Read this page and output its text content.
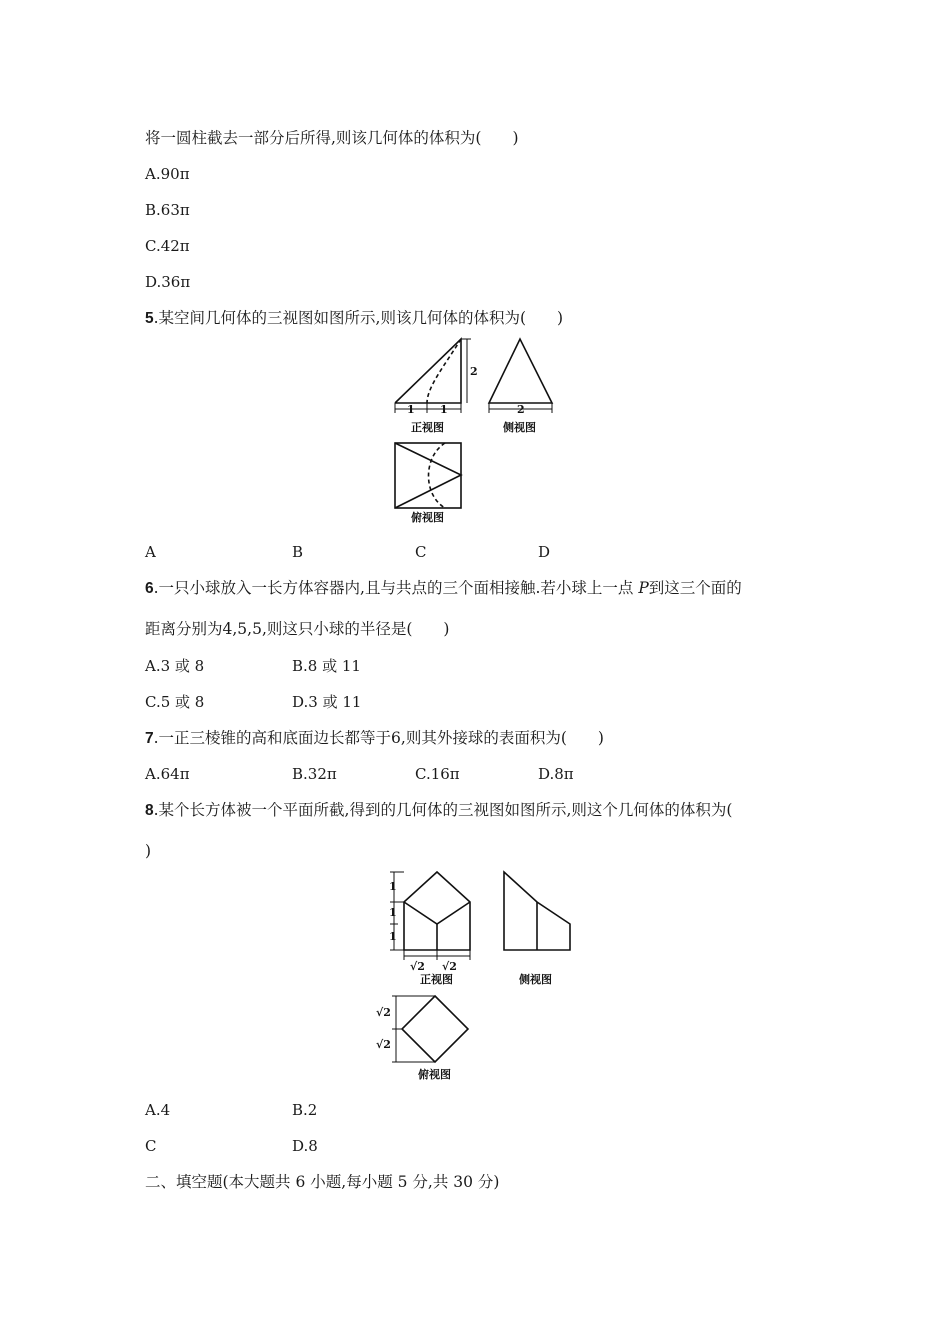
将一圆柱截去一部分后所得,则该几何体的体积为(　　)
A.90π
B.63π
C.42π
D.36π
5.某空间几何体的三视图如图所示,则该几何体的体积为(　　)
1 1
2
2
正视图	侧视图
俯视图
A	B	C	D
6.一只小球放入一长方体容器内,且与共点的三个面相接触.若小球上一点 P到这三个面的
距离分别为4,5,5,则这只小球的半径是(　　)
A.3 或 8	B.8 或 11
C.5 或 8	D.3 或 11
7.一正三棱锥的高和底面边长都等于6,则其外接球的表面积为(　　)
A.64π	B.32π	C.16π	D.8π
8.某个长方体被一个平面所截,得到的几何体的三视图如图所示,则这个几何体的体积为(
)
1
1
1
√2 √2
正视图	侧视图
√2
√2
俯视图
A.4	B.2
C	D.8
二、填空题(本大题共 6 小题,每小题 5 分,共 30 分)
